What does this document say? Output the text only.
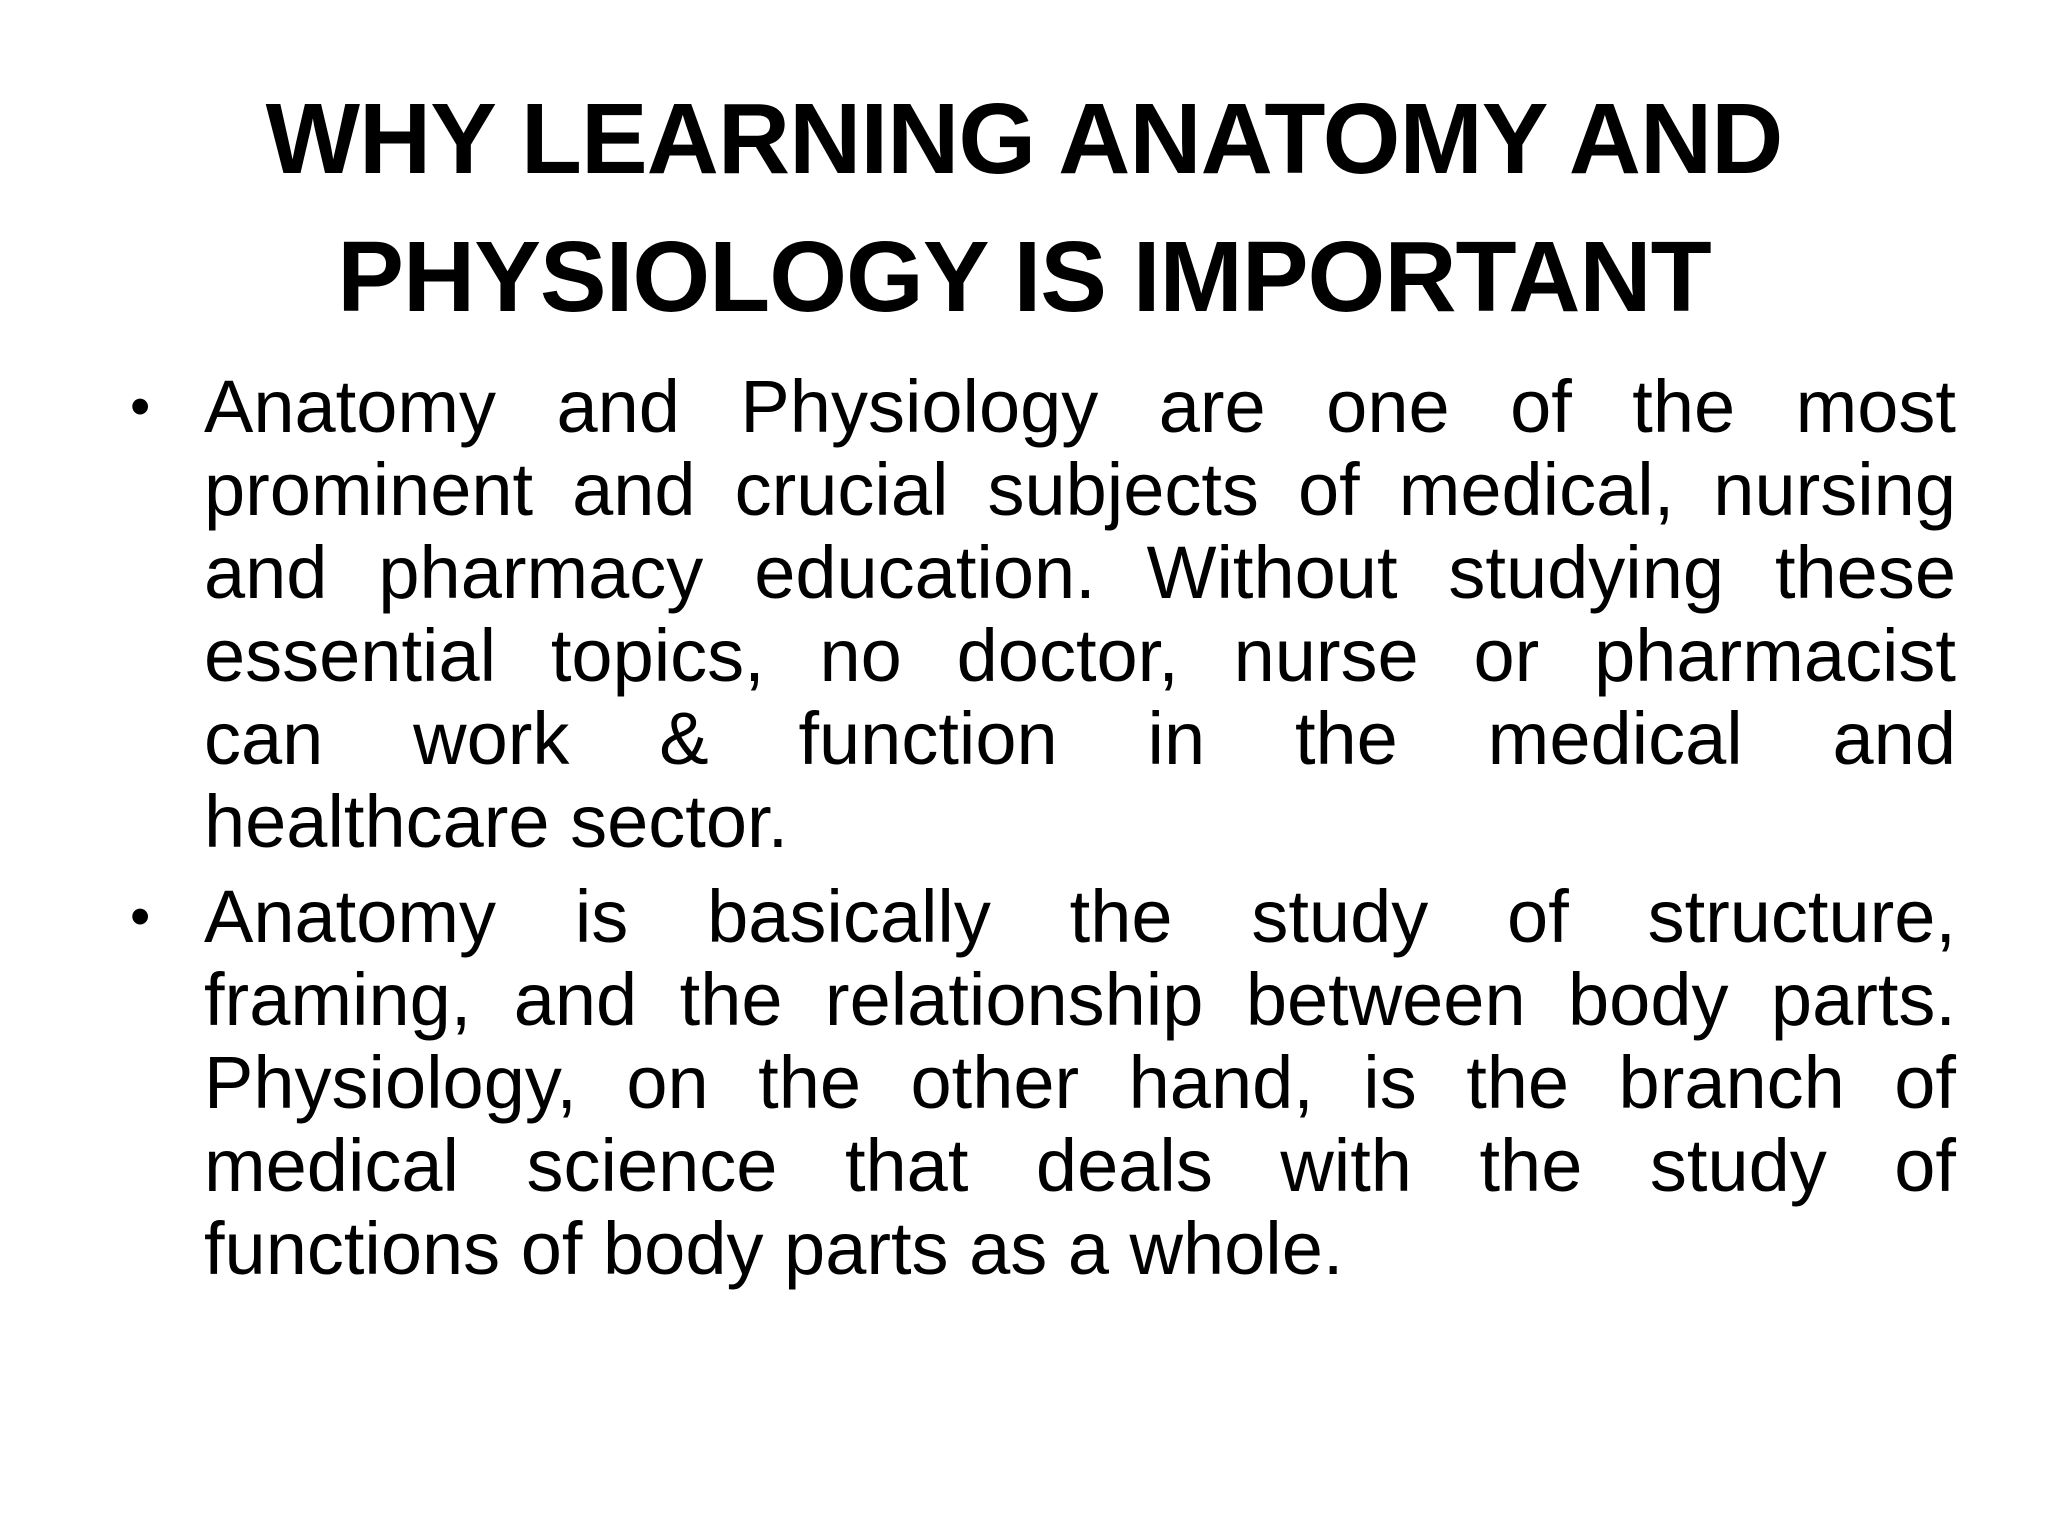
WHY LEARNING ANATOMY AND
PHYSIOLOGY IS IMPORTANT
• Anatomy and Physiology are one of the most
prominent and crucial subjects of medical, nursing
and pharmacy education. Without studying these
essential topics, no doctor, nurse or pharmacist
can work & function in the medical and
healthcare sector.
• Anatomy is basically the study of structure,
framing, and the relationship between body parts.
Physiology, on the other hand, is the branch of
medical science that deals with the study of
functions of body parts as a whole.
